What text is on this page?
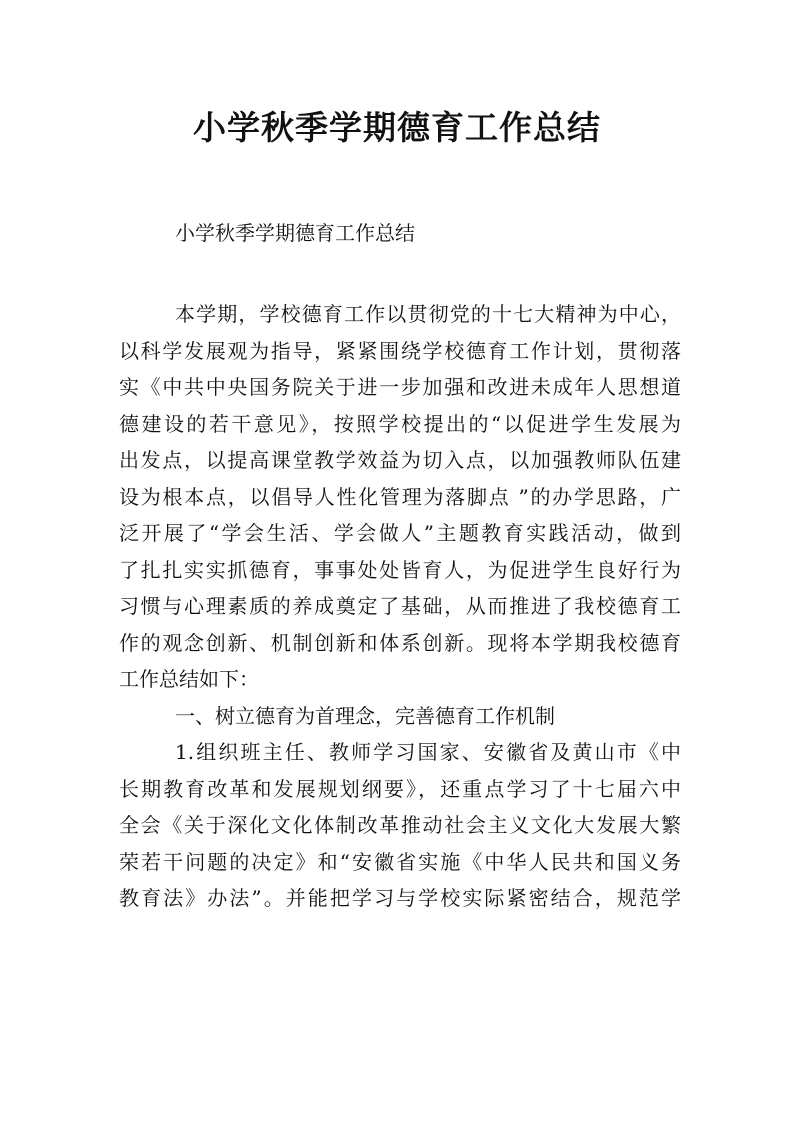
小学秋季学期德育工作总结

小学秋季学期德育工作总结

本学期，学校德育工作以贯彻党的十七大精神为中心，
以科学发展观为指导，紧紧围绕学校德育工作计划，贯彻落
实《中共中央国务院关于进一步加强和改进未成年人思想道
德建设的若干意见》，按照学校提出的“以促进学生发展为
出发点，以提高课堂教学效益为切入点，以加强教师队伍建
设为根本点，以倡导人性化管理为落脚点 ”的办学思路，广
泛开展了“学会生活、学会做人”主题教育实践活动，做到
了扎扎实实抓德育，事事处处皆育人，为促进学生良好行为
习惯与心理素质的养成奠定了基础，从而推进了我校德育工
作的观念创新、机制创新和体系创新。现将本学期我校德育
工作总结如下：
一、树立德育为首理念，完善德育工作机制
1.组织班主任、教师学习国家、安徽省及黄山市《中
长期教育改革和发展规划纲要》，还重点学习了十七届六中
全会《关于深化文化体制改革推动社会主义文化大发展大繁
荣若干问题的决定》和“安徽省实施《中华人民共和国义务
教育法》办法”。并能把学习与学校实际紧密结合，规范学
